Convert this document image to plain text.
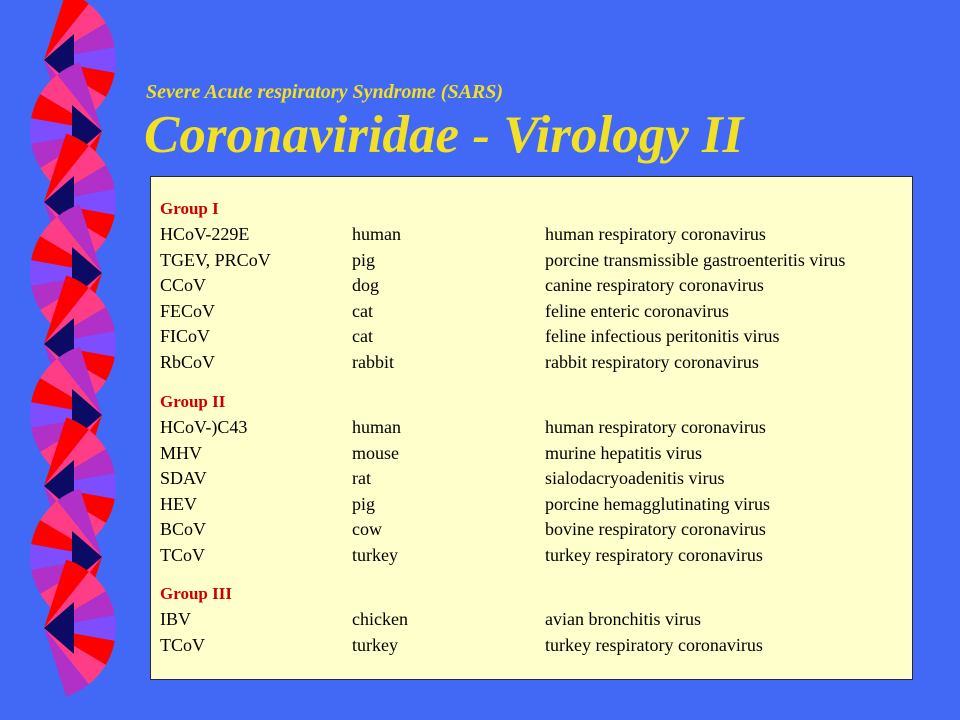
Severe Acute respiratory Syndrome (SARS)
Coronaviridae - Virology II
Group I
HCoV-229E	human	human respiratory coronavirus
TGEV, PRCoV	pig	porcine transmissible gastroenteritis virus
CCoV	dog	canine respiratory coronavirus
FECoV	cat	feline enteric coronavirus
FICoV	cat	feline infectious peritonitis virus
RbCoV	rabbit	rabbit respiratory coronavirus
Group II
HCoV-)C43	human	human respiratory coronavirus
MHV	mouse	murine hepatitis virus
SDAV	rat	sialodacryoadenitis virus
HEV	pig	porcine hemagglutinating virus
BCoV	cow	bovine respiratory coronavirus
TCoV	turkey	turkey respiratory coronavirus
Group III
IBV	chicken	avian bronchitis virus
TCoV	turkey	turkey respiratory coronavirus
